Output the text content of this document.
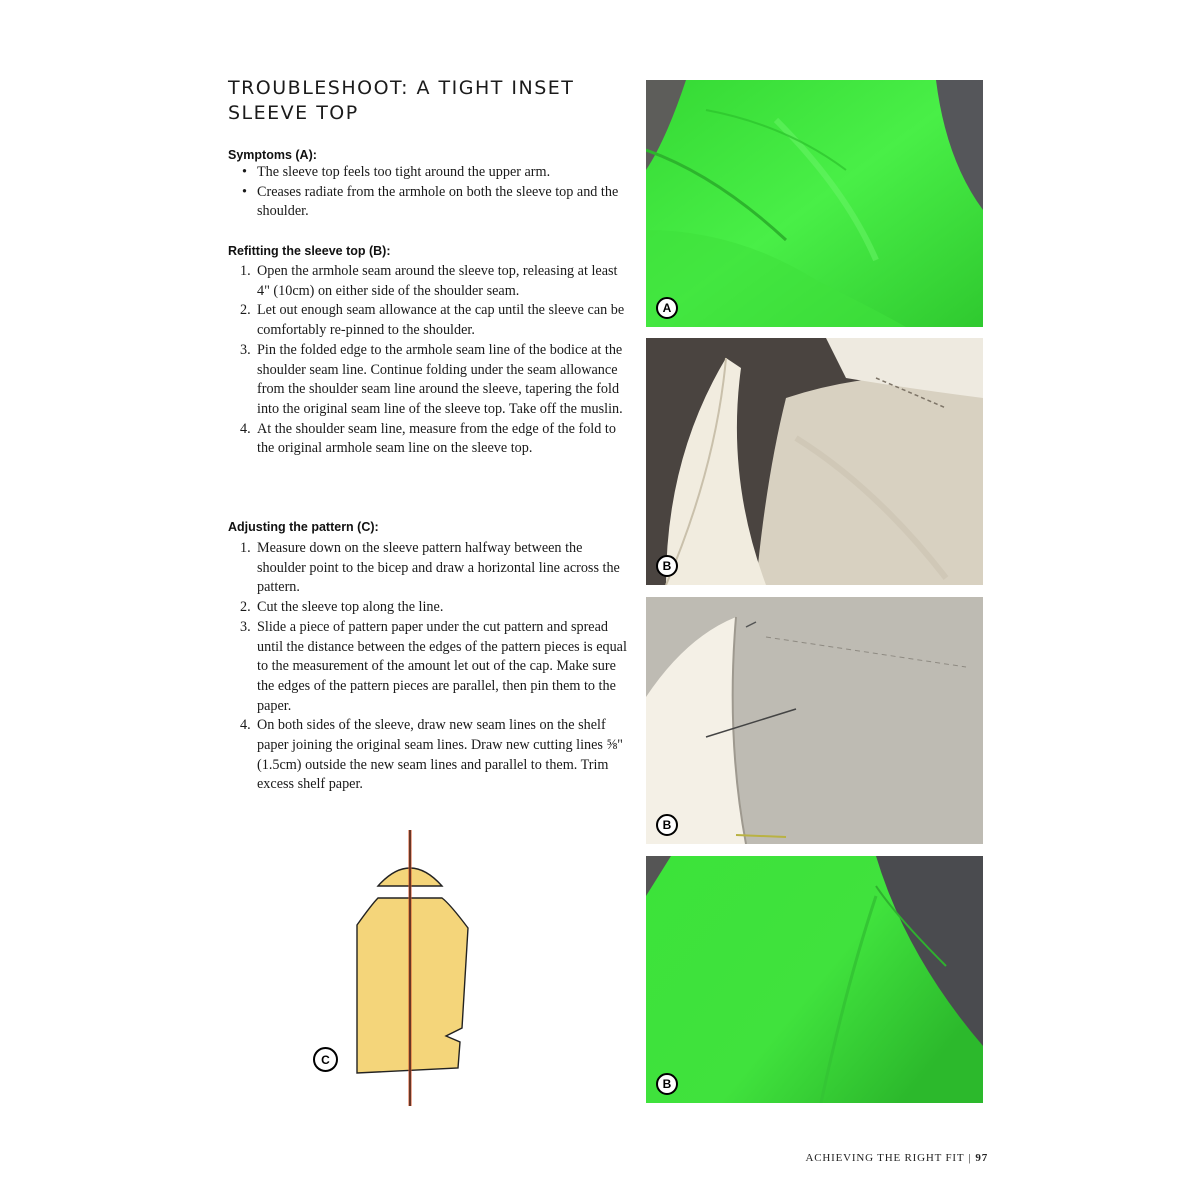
TROUBLESHOOT: A TIGHT INSET SLEEVE TOP
Symptoms (A):
• The sleeve top feels too tight around the upper arm.
• Creases radiate from the armhole on both the sleeve top and the shoulder.
Refitting the sleeve top (B):
1. Open the armhole seam around the sleeve top, releasing at least 4" (10cm) on either side of the shoulder seam.
2. Let out enough seam allowance at the cap until the sleeve can be comfortably re-pinned to the shoulder.
3. Pin the folded edge to the armhole seam line of the bodice at the shoulder seam line. Continue folding under the seam allowance from the shoulder seam line around the sleeve, tapering the fold into the original seam line of the sleeve top. Take off the muslin.
4. At the shoulder seam line, measure from the edge of the fold to the original armhole seam line on the sleeve top.
Adjusting the pattern (C):
1. Measure down on the sleeve pattern halfway between the shoulder point to the bicep and draw a horizontal line across the pattern.
2. Cut the sleeve top along the line.
3. Slide a piece of pattern paper under the cut pattern and spread until the distance between the edges of the pattern pieces is equal to the measurement of the amount let out of the cap. Make sure the edges of the pattern pieces are parallel, then pin them to the paper.
4. On both sides of the sleeve, draw new seam lines on the shelf paper joining the original seam lines. Draw new cutting lines ⅝" (1.5cm) outside the new seam lines and parallel to them. Trim excess shelf paper.
A
B
B
B
C
ACHIEVING THE RIGHT FIT | 97
